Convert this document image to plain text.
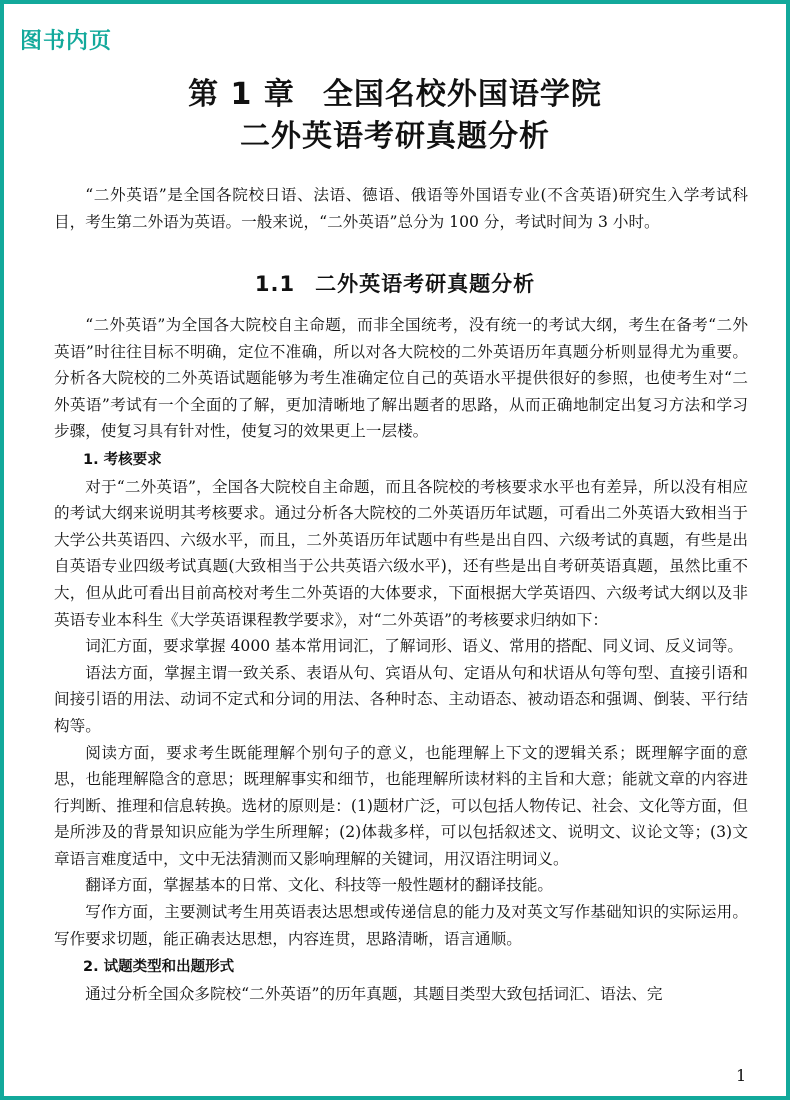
图书内页
第 1 章 全国名校外国语学院
二外英语考研真题分析

“二外英语”是全国各院校日语、法语、德语、俄语等外国语专业(不含英语)研究生入学考试科目，考生第二外语为英语。一般来说，“二外英语”总分为 100 分，考试时间为 3 小时。

1.1 二外英语考研真题分析

“二外英语”为全国各大院校自主命题，而非全国统考，没有统一的考试大纲，考生在备考“二外英语”时往往目标不明确，定位不准确，所以对各大院校的二外英语历年真题分析则显得尤为重要。分析各大院校的二外英语试题能够为考生准确定位自己的英语水平提供很好的参照，也使考生对“二外英语”考试有一个全面的了解，更加清晰地了解出题者的思路，从而正确地制定出复习方法和学习步骤，使复习具有针对性，使复习的效果更上一层楼。

1. 考核要求

对于“二外英语”，全国各大院校自主命题，而且各院校的考核要求水平也有差异，所以没有相应的考试大纲来说明其考核要求。通过分析各大院校的二外英语历年试题，可看出二外英语大致相当于大学公共英语四、六级水平，而且，二外英语历年试题中有些是出自四、六级考试的真题，有些是出自英语专业四级考试真题(大致相当于公共英语六级水平)，还有些是出自考研英语真题，虽然比重不大，但从此可看出目前高校对考生二外英语的大体要求，下面根据大学英语四、六级考试大纲以及非英语专业本科生《大学英语课程教学要求》，对“二外英语”的考核要求归纳如下：

词汇方面，要求掌握 4000 基本常用词汇，了解词形、语义、常用的搭配、同义词、反义词等。

语法方面，掌握主谓一致关系、表语从句、宾语从句、定语从句和状语从句等句型、直接引语和间接引语的用法、动词不定式和分词的用法、各种时态、主动语态、被动语态和强调、倒装、平行结构等。

阅读方面，要求考生既能理解个别句子的意义，也能理解上下文的逻辑关系；既理解字面的意思，也能理解隐含的意思；既理解事实和细节，也能理解所读材料的主旨和大意；能就文章的内容进行判断、推理和信息转换。选材的原则是：(1)题材广泛，可以包括人物传记、社会、文化等方面，但是所涉及的背景知识应能为学生所理解；(2)体裁多样，可以包括叙述文、说明文、议论文等；(3)文章语言难度适中，文中无法猜测而又影响理解的关键词，用汉语注明词义。

翻译方面，掌握基本的日常、文化、科技等一般性题材的翻译技能。

写作方面，主要测试考生用英语表达思想或传递信息的能力及对英文写作基础知识的实际运用。写作要求切题，能正确表达思想，内容连贯，思路清晰，语言通顺。

2. 试题类型和出题形式

通过分析全国众多院校“二外英语”的历年真题，其题目类型大致包括词汇、语法、完

1
